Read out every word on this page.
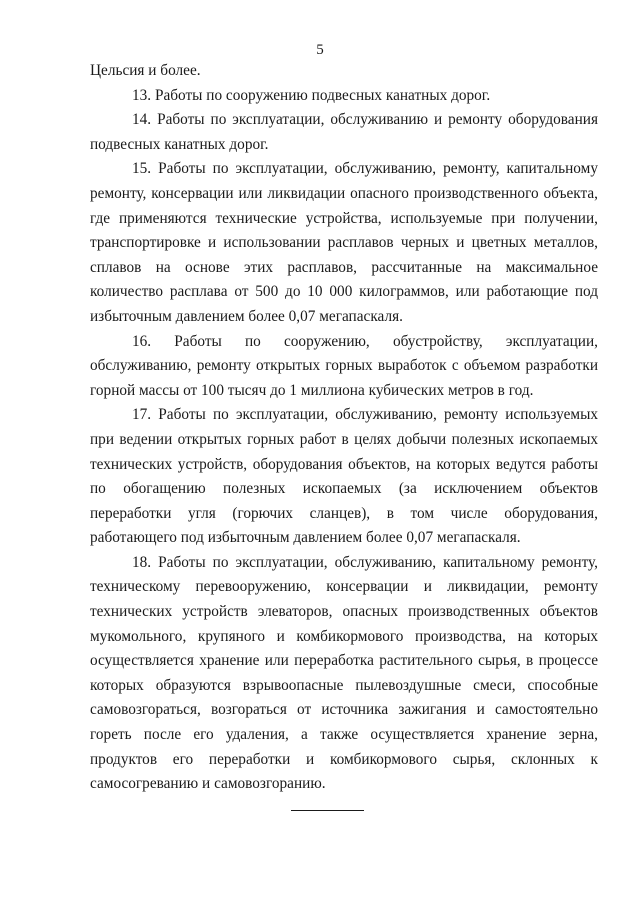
5

Цельсия и более.

13. Работы по сооружению подвесных канатных дорог.

14. Работы по эксплуатации, обслуживанию и ремонту оборудования подвесных канатных дорог.

15. Работы по эксплуатации, обслуживанию, ремонту, капитальному ремонту, консервации или ликвидации опасного производственного объекта, где применяются технические устройства, используемые при получении, транспортировке и использовании расплавов черных и цветных металлов, сплавов на основе этих расплавов, рассчитанные на максимальное количество расплава от 500 до 10 000 килограммов, или работающие под избыточным давлением более 0,07 мегапаскаля.

16. Работы по сооружению, обустройству, эксплуатации, обслуживанию, ремонту открытых горных выработок с объемом разработки горной массы от 100 тысяч до 1 миллиона кубических метров в год.

17. Работы по эксплуатации, обслуживанию, ремонту используемых при ведении открытых горных работ в целях добычи полезных ископаемых технических устройств, оборудования объектов, на которых ведутся работы по обогащению полезных ископаемых (за исключением объектов переработки угля (горючих сланцев), в том числе оборудования, работающего под избыточным давлением более 0,07 мегапаскаля.

18. Работы по эксплуатации, обслуживанию, капитальному ремонту, техническому перевооружению, консервации и ликвидации, ремонту технических устройств элеваторов, опасных производственных объектов мукомольного, крупяного и комбикормового производства, на которых осуществляется хранение или переработка растительного сырья, в процессе которых образуются взрывоопасные пылевоздушные смеси, способные самовозгораться, возгораться от источника зажигания и самостоятельно гореть после его удаления, а также осуществляется хранение зерна, продуктов его переработки и комбикормового сырья, склонных к самосогреванию и самовозгоранию.
